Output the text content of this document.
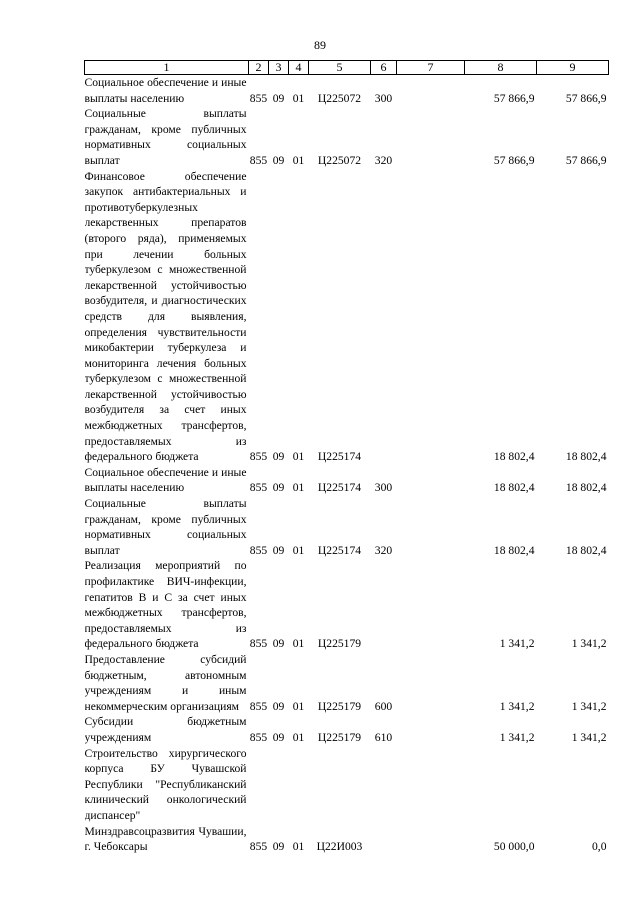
89
1	2	3	4	5	6	7	8	9
Социальное обеспечение и иные выплаты населению	855	09	01	Ц225072	300		57 866,9	57 866,9
Социальные выплаты гражданам, кроме публичных нормативных социальных выплат	855	09	01	Ц225072	320		57 866,9	57 866,9
Финансовое обеспечение закупок антибактериальных и противотуберкулезных лекарственных препаратов (второго ряда), применяемых при лечении больных туберкулезом с множественной лекарственной устойчивостью возбудителя, и диагностических средств для выявления, определения чувствительности микобактерии туберкулеза и мониторинга лечения больных туберкулезом с множественной лекарственной устойчивостью возбудителя за счет иных межбюджетных трансфертов, предоставляемых из федерального бюджета	855	09	01	Ц225174			18 802,4	18 802,4
Социальное обеспечение и иные выплаты населению	855	09	01	Ц225174	300		18 802,4	18 802,4
Социальные выплаты гражданам, кроме публичных нормативных социальных выплат	855	09	01	Ц225174	320		18 802,4	18 802,4
Реализация мероприятий по профилактике ВИЧ-инфекции, гепатитов B и C за счет иных межбюджетных трансфертов, предоставляемых из федерального бюджета	855	09	01	Ц225179			1 341,2	1 341,2
Предоставление субсидий бюджетным, автономным учреждениям и иным некоммерческим организациям	855	09	01	Ц225179	600		1 341,2	1 341,2
Субсидии бюджетным учреждениям	855	09	01	Ц225179	610		1 341,2	1 341,2
Строительство хирургического корпуса БУ Чувашской Республики "Республиканский клинический онкологический диспансер" Минздравсоцразвития Чувашии, г. Чебоксары	855	09	01	Ц22И003			50 000,0	0,0
